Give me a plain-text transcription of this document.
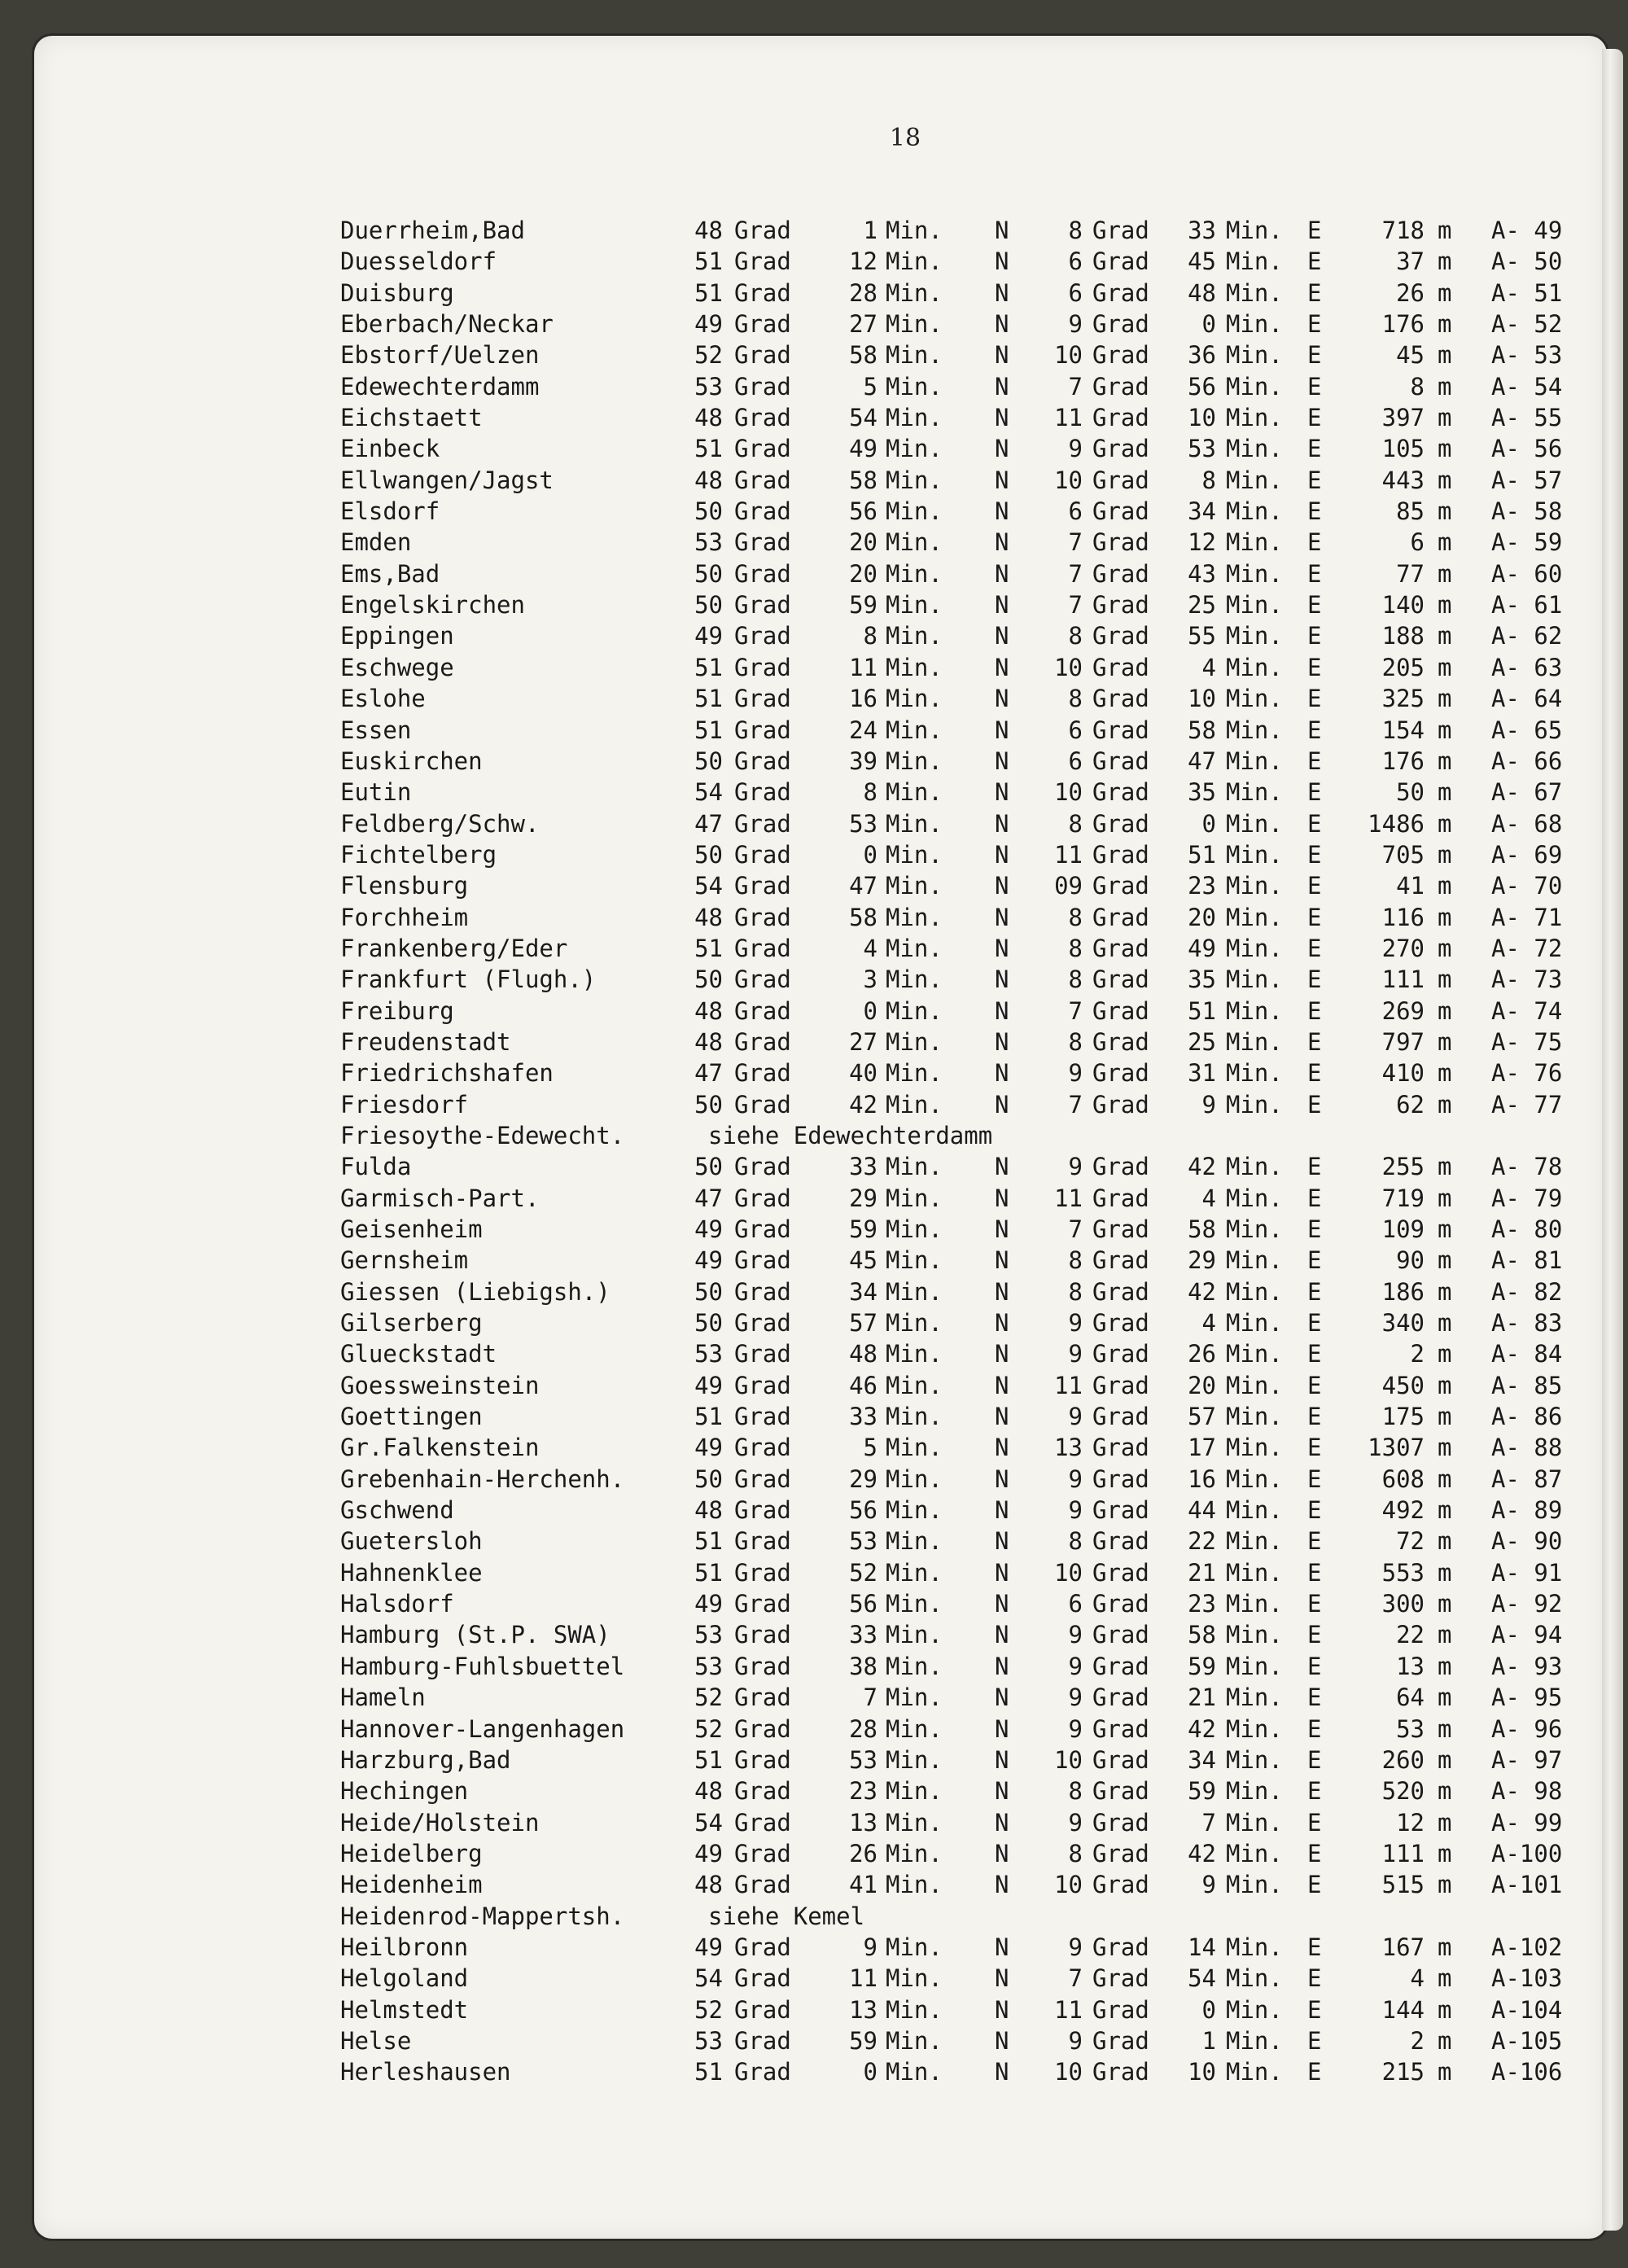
18
Duerrheim,Bad	48 Grad	1 Min. N	8 Grad	33 Min. E	718 m A- 49
Duesseldorf	51 Grad	12 Min. N	6 Grad	45 Min. E	37 m A- 50
Duisburg	51 Grad	28 Min. N	6 Grad	48 Min. E	26 m A- 51
Eberbach/Neckar	49 Grad	27 Min. N	9 Grad	0 Min. E	176 m A- 52
Ebstorf/Uelzen	52 Grad	58 Min. N	10 Grad	36 Min. E	45 m A- 53
Edewechterdamm	53 Grad	5 Min. N	7 Grad	56 Min. E	8 m A- 54
Eichstaett	48 Grad	54 Min. N	11 Grad	10 Min. E	397 m A- 55
Einbeck	51 Grad	49 Min. N	9 Grad	53 Min. E	105 m A- 56
Ellwangen/Jagst	48 Grad	58 Min. N	10 Grad	8 Min. E	443 m A- 57
Elsdorf	50 Grad	56 Min. N	6 Grad	34 Min. E	85 m A- 58
Emden	53 Grad	20 Min. N	7 Grad	12 Min. E	6 m A- 59
Ems,Bad	50 Grad	20 Min. N	7 Grad	43 Min. E	77 m A- 60
Engelskirchen	50 Grad	59 Min. N	7 Grad	25 Min. E	140 m A- 61
Eppingen	49 Grad	8 Min. N	8 Grad	55 Min. E	188 m A- 62
Eschwege	51 Grad	11 Min. N	10 Grad	4 Min. E	205 m A- 63
Eslohe	51 Grad	16 Min. N	8 Grad	10 Min. E	325 m A- 64
Essen	51 Grad	24 Min. N	6 Grad	58 Min. E	154 m A- 65
Euskirchen	50 Grad	39 Min. N	6 Grad	47 Min. E	176 m A- 66
Eutin	54 Grad	8 Min. N	10 Grad	35 Min. E	50 m A- 67
Feldberg/Schw.	47 Grad	53 Min. N	8 Grad	0 Min. E	1486 m A- 68
Fichtelberg	50 Grad	0 Min. N	11 Grad	51 Min. E	705 m A- 69
Flensburg	54 Grad	47 Min. N	09 Grad	23 Min. E	41 m A- 70
Forchheim	48 Grad	58 Min. N	8 Grad	20 Min. E	116 m A- 71
Frankenberg/Eder	51 Grad	4 Min. N	8 Grad	49 Min. E	270 m A- 72
Frankfurt (Flugh.)	50 Grad	3 Min. N	8 Grad	35 Min. E	111 m A- 73
Freiburg	48 Grad	0 Min. N	7 Grad	51 Min. E	269 m A- 74
Freudenstadt	48 Grad	27 Min. N	8 Grad	25 Min. E	797 m A- 75
Friedrichshafen	47 Grad	40 Min. N	9 Grad	31 Min. E	410 m A- 76
Friesdorf	50 Grad	42 Min. N	7 Grad	9 Min. E	62 m A- 77
Friesoythe-Edewecht.	siehe Edewechterdamm
Fulda	50 Grad	33 Min. N	9 Grad	42 Min. E	255 m A- 78
Garmisch-Part.	47 Grad	29 Min. N	11 Grad	4 Min. E	719 m A- 79
Geisenheim	49 Grad	59 Min. N	7 Grad	58 Min. E	109 m A- 80
Gernsheim	49 Grad	45 Min. N	8 Grad	29 Min. E	90 m A- 81
Giessen (Liebigsh.)	50 Grad	34 Min. N	8 Grad	42 Min. E	186 m A- 82
Gilserberg	50 Grad	57 Min. N	9 Grad	4 Min. E	340 m A- 83
Glueckstadt	53 Grad	48 Min. N	9 Grad	26 Min. E	2 m A- 84
Goessweinstein	49 Grad	46 Min. N	11 Grad	20 Min. E	450 m A- 85
Goettingen	51 Grad	33 Min. N	9 Grad	57 Min. E	175 m A- 86
Gr.Falkenstein	49 Grad	5 Min. N	13 Grad	17 Min. E	1307 m A- 88
Grebenhain-Herchenh.	50 Grad	29 Min. N	9 Grad	16 Min. E	608 m A- 87
Gschwend	48 Grad	56 Min. N	9 Grad	44 Min. E	492 m A- 89
Guetersloh	51 Grad	53 Min. N	8 Grad	22 Min. E	72 m A- 90
Hahnenklee	51 Grad	52 Min. N	10 Grad	21 Min. E	553 m A- 91
Halsdorf	49 Grad	56 Min. N	6 Grad	23 Min. E	300 m A- 92
Hamburg (St.P. SWA)	53 Grad	33 Min. N	9 Grad	58 Min. E	22 m A- 94
Hamburg-Fuhlsbuettel	53 Grad	38 Min. N	9 Grad	59 Min. E	13 m A- 93
Hameln	52 Grad	7 Min. N	9 Grad	21 Min. E	64 m A- 95
Hannover-Langenhagen	52 Grad	28 Min. N	9 Grad	42 Min. E	53 m A- 96
Harzburg,Bad	51 Grad	53 Min. N	10 Grad	34 Min. E	260 m A- 97
Hechingen	48 Grad	23 Min. N	8 Grad	59 Min. E	520 m A- 98
Heide/Holstein	54 Grad	13 Min. N	9 Grad	7 Min. E	12 m A- 99
Heidelberg	49 Grad	26 Min. N	8 Grad	42 Min. E	111 m A-100
Heidenheim	48 Grad	41 Min. N	10 Grad	9 Min. E	515 m A-101
Heidenrod-Mappertsh.	siehe Kemel
Heilbronn	49 Grad	9 Min. N	9 Grad	14 Min. E	167 m A-102
Helgoland	54 Grad	11 Min. N	7 Grad	54 Min. E	4 m A-103
Helmstedt	52 Grad	13 Min. N	11 Grad	0 Min. E	144 m A-104
Helse	53 Grad	59 Min. N	9 Grad	1 Min. E	2 m A-105
Herleshausen	51 Grad	0 Min. N	10 Grad	10 Min. E	215 m A-106
